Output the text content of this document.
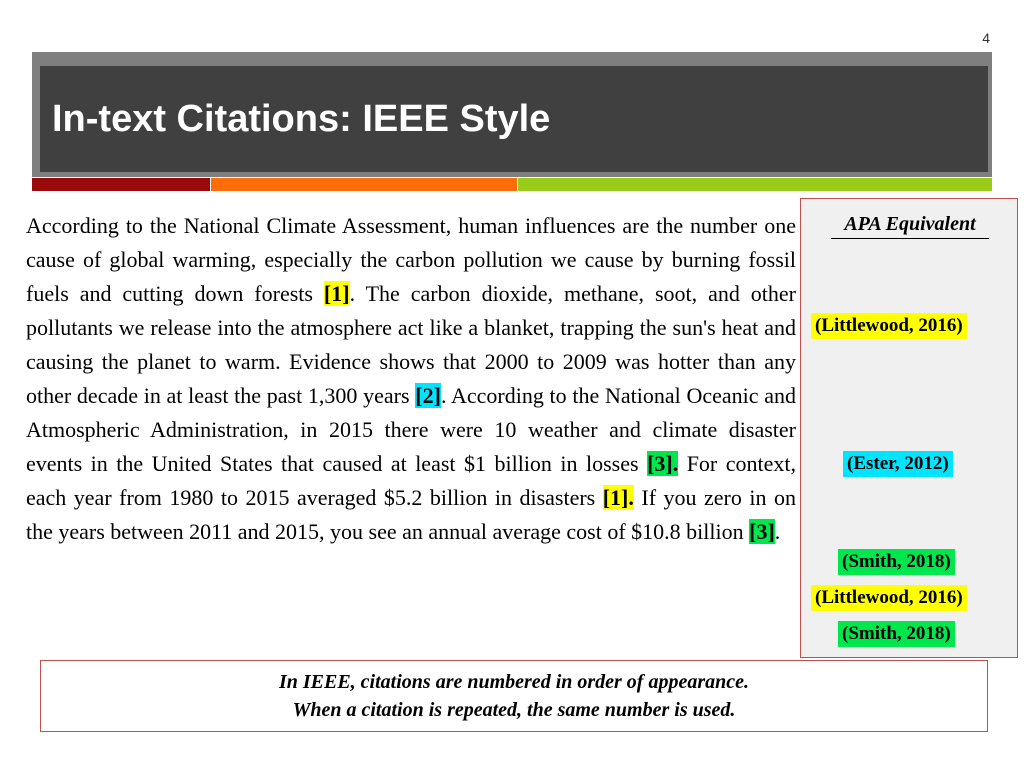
4
In-text Citations: IEEE Style

According to the National Climate Assessment, human influences are the number one cause of global warming, especially the carbon pollution we cause by burning fossil fuels and cutting down forests [1]. The carbon dioxide, methane, soot, and other pollutants we release into the atmosphere act like a blanket, trapping the sun's heat and causing the planet to warm. Evidence shows that 2000 to 2009 was hotter than any other decade in at least the past 1,300 years [2]. According to the National Oceanic and Atmospheric Administration, in 2015 there were 10 weather and climate disaster events in the United States that caused at least $1 billion in losses [3]. For context, each year from 1980 to 2015 averaged $5.2 billion in disasters [1]. If you zero in on the years between 2011 and 2015, you see an annual average cost of $10.8 billion [3].

APA Equivalent
(Littlewood, 2016)
(Ester, 2012)
(Smith, 2018)
(Littlewood, 2016)
(Smith, 2018)
In IEEE, citations are numbered in order of appearance.
When a citation is repeated, the same number is used.
